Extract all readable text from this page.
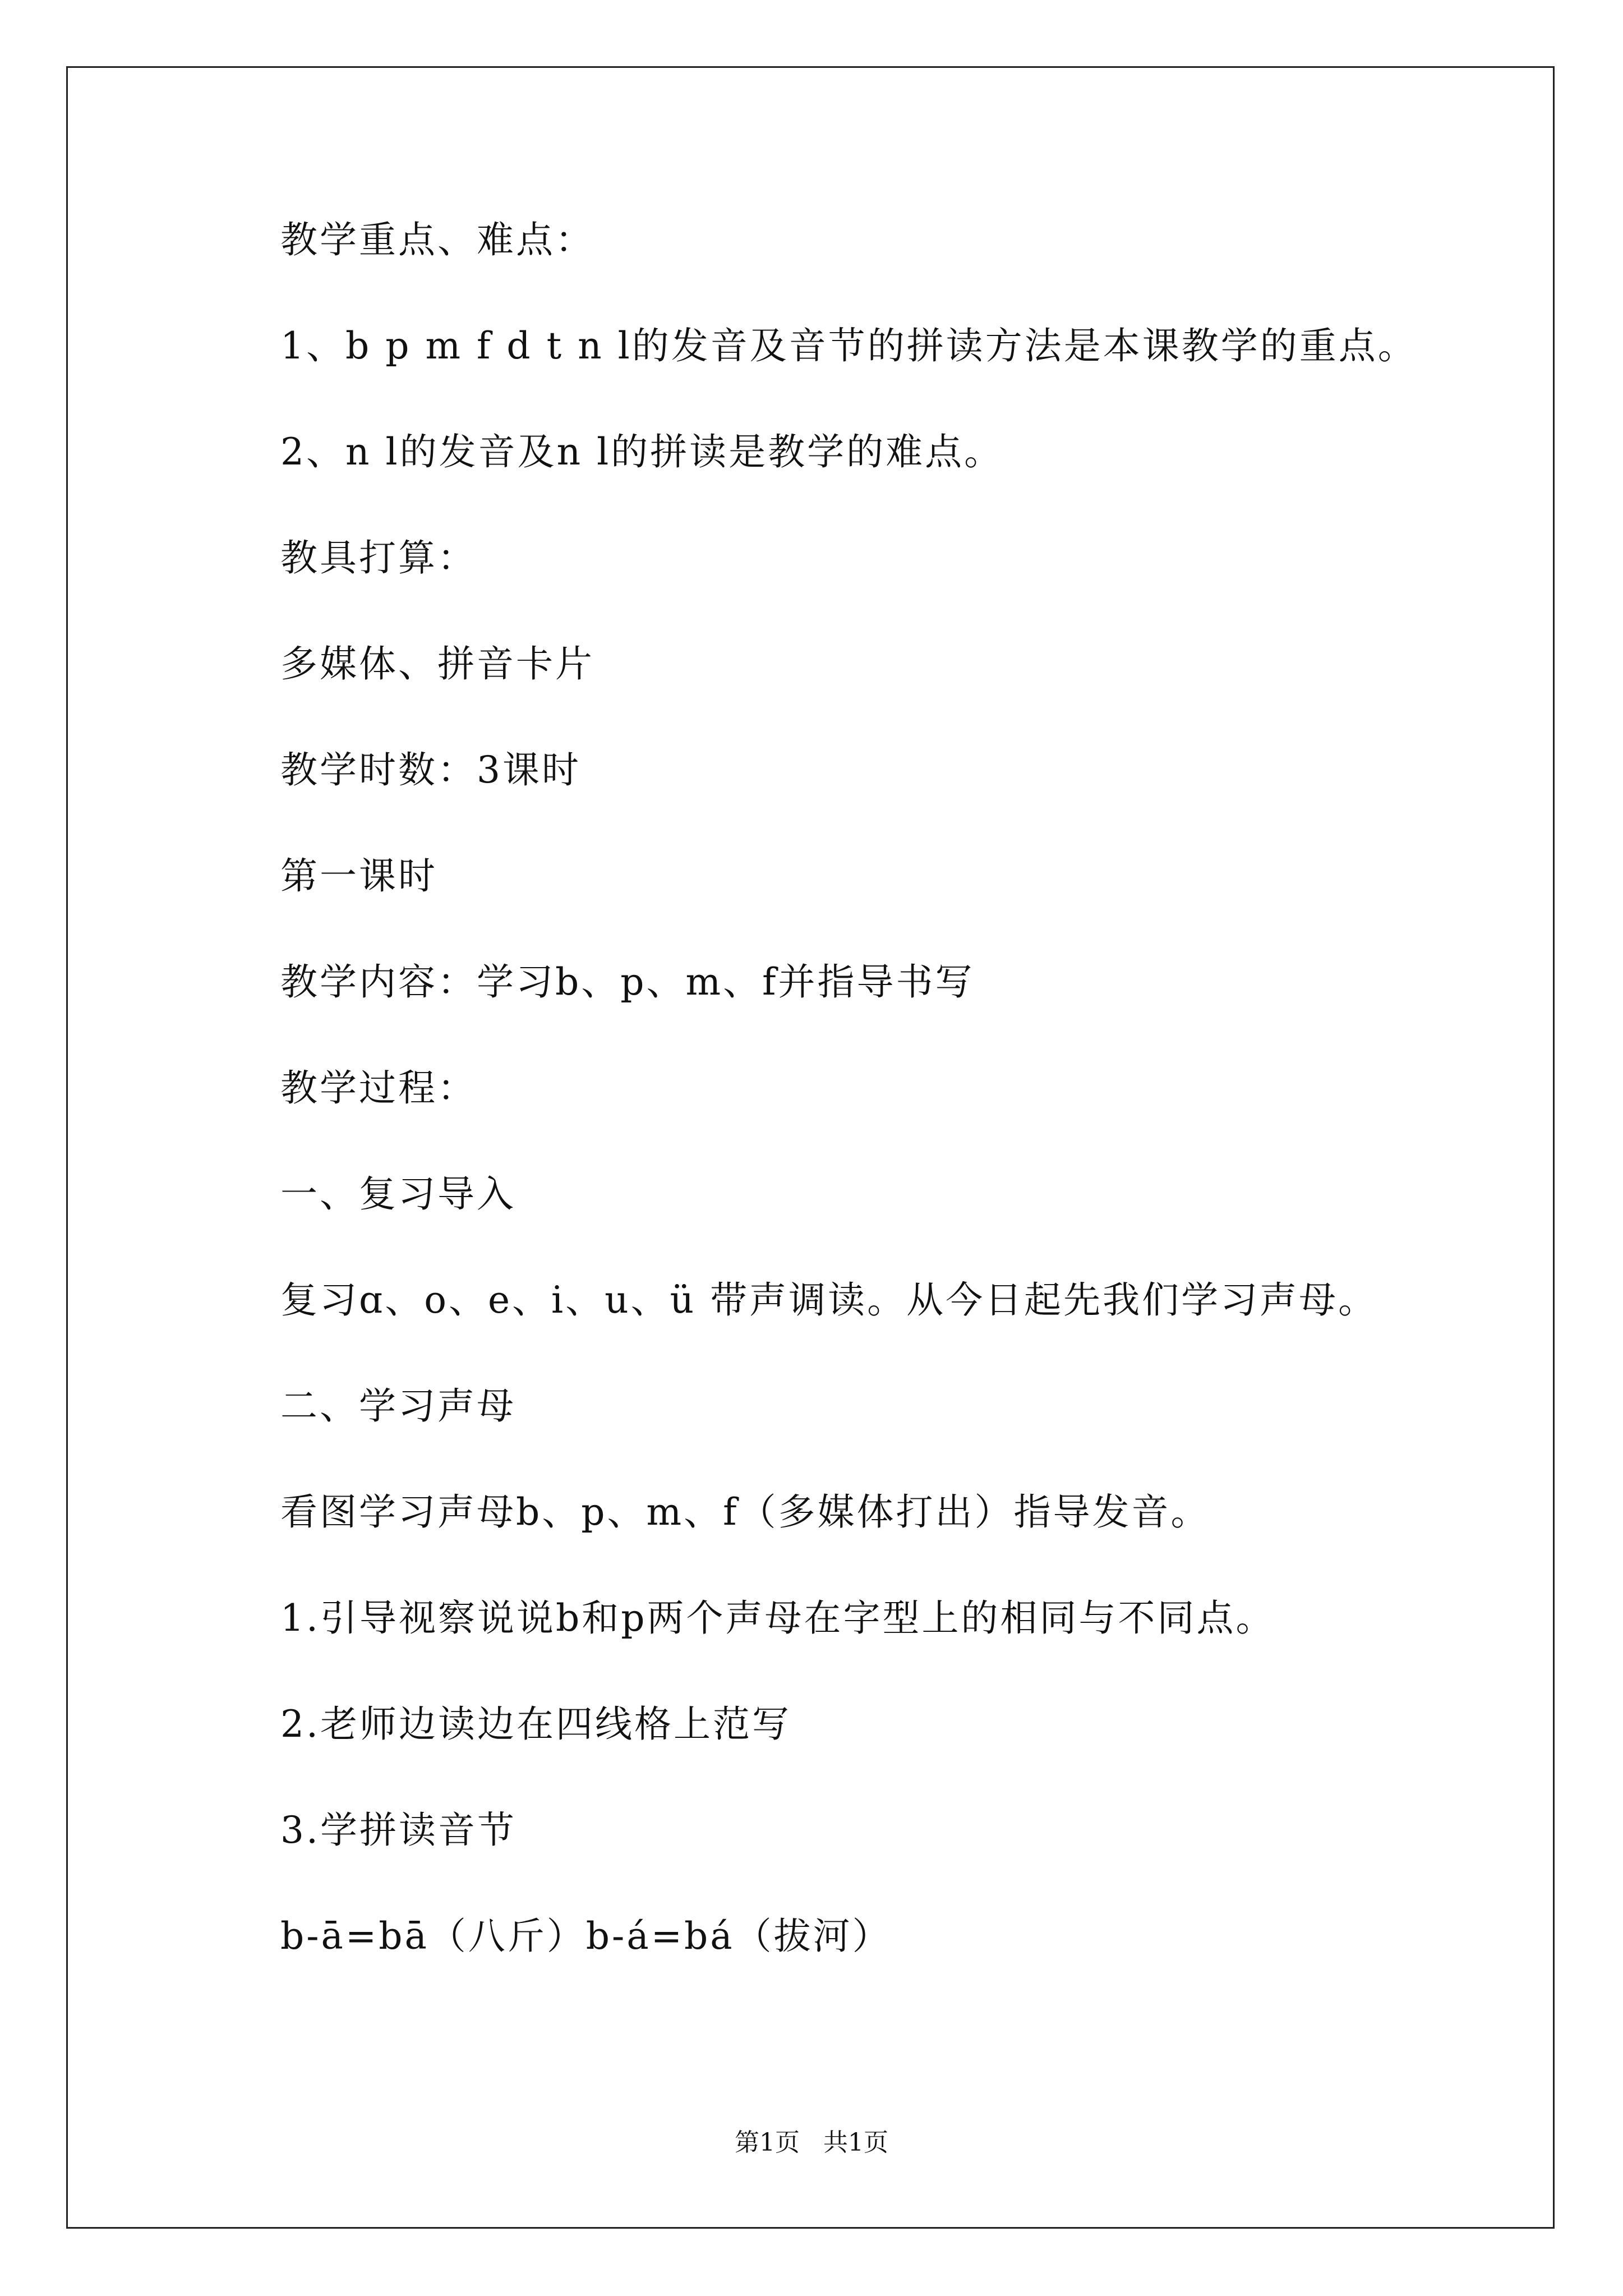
教学重点、难点：
1、b p m f d t n l的发音及音节的拼读方法是本课教学的重点。
2、n l的发音及n l的拼读是教学的难点。
教具打算：
多媒体、拼音卡片
教学时数：3课时
第一课时
教学内容：学习b、p、m、f并指导书写
教学过程：
一、复习导入
复习ɑ、o、e、i、u、ü 带声调读。从今日起先我们学习声母。
二、学习声母
看图学习声母b、p、m、f（多媒体打出）指导发音。
1.引导视察说说b和p两个声母在字型上的相同与不同点。
2.老师边读边在四线格上范写
3.学拼读音节
b-ā=bā（八斤）b-á=bá（拔河）
第1页   共1页
